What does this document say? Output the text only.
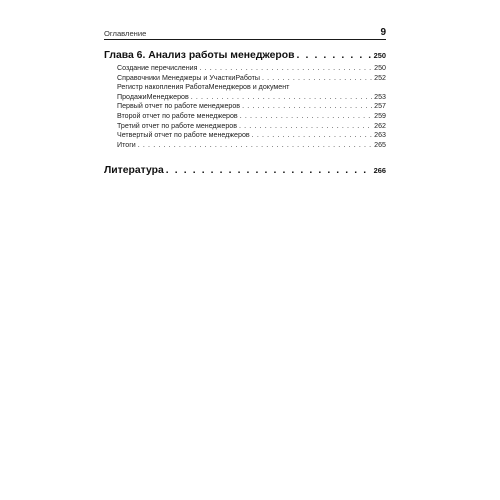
Оглавление	9
Глава 6. Анализ работы менеджеров . . .	250
Создание перечисления . . .	250
Справочники Менеджеры и УчасткиРаботы . . .	252
Регистр накопления РаботаМенеджеров и документ
ПродажиМенеджеров . . .	253
Первый отчет по работе менеджеров . . .	257
Второй отчет по работе менеджеров . . .	259
Третий отчет по работе менеджеров . . .	262
Четвертый отчет по работе менеджеров . . .	263
Итоги . . .	265
Литература . . .	266
